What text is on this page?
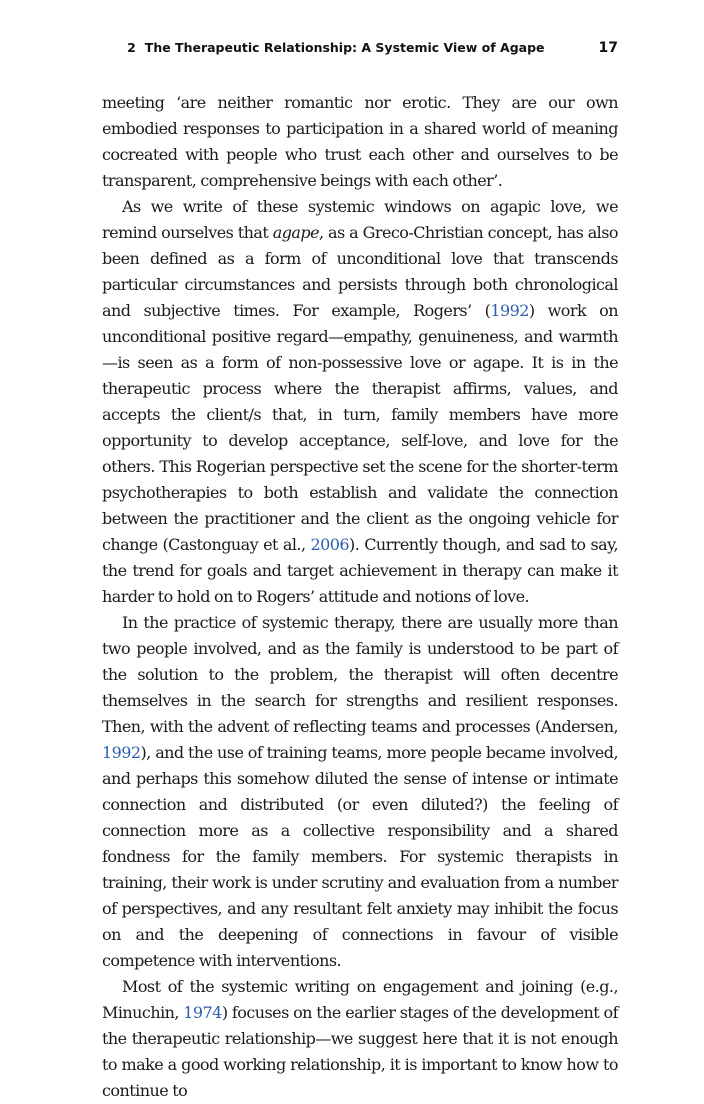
2 The Therapeutic Relationship: A Systemic View of Agape	17

meeting ‘are neither romantic nor erotic. They are our own embodied responses to participation in a shared world of meaning cocreated with people who trust each other and ourselves to be transparent, comprehensive beings with each other’.

As we write of these systemic windows on agapic love, we remind ourselves that agape, as a Greco-Christian concept, has also been defined as a form of unconditional love that transcends particular circumstances and persists through both chronological and subjective times. For example, Rogers’ (1992) work on unconditional positive regard—empathy, genuineness, and warmth—is seen as a form of non-possessive love or agape. It is in the therapeutic process where the therapist affirms, values, and accepts the client/s that, in turn, family members have more opportunity to develop acceptance, self-love, and love for the others. This Rogerian perspective set the scene for the shorter-term psychotherapies to both establish and validate the connection between the practitioner and the client as the ongoing vehicle for change (Castonguay et al., 2006). Currently though, and sad to say, the trend for goals and target achievement in therapy can make it harder to hold on to Rogers’ attitude and notions of love.

In the practice of systemic therapy, there are usually more than two people involved, and as the family is understood to be part of the solution to the problem, the therapist will often decentre themselves in the search for strengths and resilient responses. Then, with the advent of reflecting teams and processes (Andersen, 1992), and the use of training teams, more people became involved, and perhaps this somehow diluted the sense of intense or intimate connection and distributed (or even diluted?) the feeling of connection more as a collective responsibility and a shared fondness for the family members. For systemic therapists in training, their work is under scrutiny and evaluation from a number of perspectives, and any resultant felt anxiety may inhibit the focus on and the deepening of connections in favour of visible competence with interventions.

Most of the systemic writing on engagement and joining (e.g., Minuchin, 1974) focuses on the earlier stages of the development of the therapeutic relationship—we suggest here that it is not enough to make a good working relationship, it is important to know how to continue to
